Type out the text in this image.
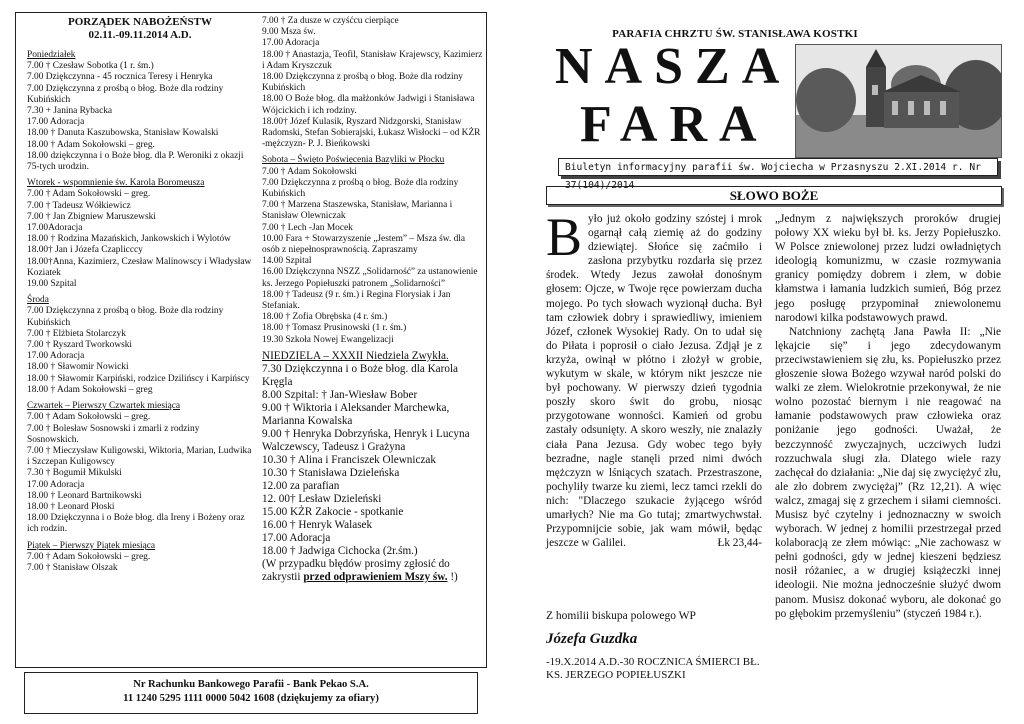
PORZĄDEK NABOŻEŃSTW
02.11.-09.11.2014 A.D.
Poniedziałek
7.00 † Czesław Sobotka (1 r. śm.)
7.00 Dziękczynna - 45 rocznica Teresy i Henryka
7.00 Dziękczynna z prośbą o błog. Boże dla rodziny Kubińskich
7.30 + Janina Rybacka
17.00 Adoracja
18.00 † Danuta Kaszubowska, Stanisław Kowalski
18.00 † Adam Sokołowski – greg.
18.00 dziękczynna i o Boże błog. dla P. Weroniki z okazji 75-tych urodzin.
Wtorek - wspomnienie św. Karola Boromeusza
7.00 † Adam Sokołowski – greg.
7.00 † Tadeusz Wółkiewicz
7.00 † Jan Zbigniew Maruszewski
17.00Adoracja
18.00 † Rodzina Mazańskich, Jankowskich i Wylotów
18.00† Jan i Józefa Czaplicccy
18.00†Anna, Kazimierz, Czesław Malinowscy i Władysław Koziatek
19.00 Szpital
Środa
7.00 Dziękczynna z prośbą o błog. Boże dla rodziny Kubińskich
7.00 † Elżbieta Stolarczyk
7.00 † Ryszard Tworkowski
17.00 Adoracja
18.00 † Sławomir Nowicki
18.00 † Sławomir Karpiński, rodzice Dzilińscy i Karpińscy
18.00 † Adam Sokołowski – greg
Czwartek – Pierwszy Czwartek miesiąca
7.00 † Adam Sokołowski – greg.
7.00 † Bolesław Sosnowski i zmarli z rodziny Sosnowskich.
7.00 † Mieczysław Kuligowski, Wiktoria, Marian, Ludwika i Szczepan Kuligowscy
7.30 † Bogumił Mikulski
17.00 Adoracja
18.00 † Leonard Bartnikowski
18.00 † Leonard Płoski
18.00 Dziękczynna i o Boże błog. dla Ireny i Bożeny oraz ich rodzin.
Piątek – Pierwszy Piątek miesiąca
7.00 † Adam Sokołowski – greg.
7.00 † Stanisław Olszak
7.00 † Za dusze w czyśćcu cierpiące
9.00 Msza św.
17.00 Adoracja
18.00 † Anastazja, Teofil, Stanisław Krajewscy, Kazimierz i Adam Kryszczuk
18.00 Dziękczynna z prośbą o błog. Boże dla rodziny Kubińskich
18.00 O Boże błog. dla małżonków Jadwigi i Stanisława Wójcickich i ich rodziny.
18.00† Józef Kulasik, Ryszard Nidzgorski, Stanisław Radomski, Stefan Sobierajski, Łukasz Wisłocki – od KŻR -mężczyzn- P. J. Bieńkowski
Sobota – Święto Poświęcenia Bazyliki w Płocku
7.00 † Adam Sokołowski
7.00 Dziękczynna z prośbą o błog. Boże dla rodziny Kubińskich
7.00 † Marzena Staszewska, Stanisław, Marianna i Stanisław Olewniczak
7.00 † Lech -Jan Mocek
10.00 Fara + Stowarzyszenie „Jestem” – Msza św. dla osób z niepełnosprawnością. Zapraszamy
14.00 Szpital
16.00 Dziękczynna NSZZ „Solidarność” za ustanowienie ks. Jerzego Popiełuszki patronem „Solidarności”
18.00 † Tadeusz (9 r. śm.) i Regina Florysiak i Jan Stefaniak.
18.00 † Zofia Obrębska (4 r. śm.)
18.00 † Tomasz Prusinowski (1 r. śm.)
19.30 Szkoła Nowej Ewangelizacji
NIEDZIELA – XXXII Niedziela Zwykła.
7.30 Dziękczynna i o Boże błog. dla Karola Kręgla
8.00 Szpital: † Jan-Wiesław Bober
9.00 † Wiktoria i Aleksander Marchewka, Marianna Kowalska
9.00 † Henryka Dobrzyńska, Henryk i Lucyna Walczewscy, Tadeusz i Grażyna
10.30 † Alina i Franciszek Olewniczak
10.30 † Stanisława Dzieleńska
12.00 za parafian
12. 00† Lesław Dzieleński
15.00 KŻR Zakocie - spotkanie
16.00 † Henryk Walasek
17.00 Adoracja
18.00 † Jadwiga Cichocka (2r.śm.)
(W przypadku błędów prosimy zgłosić do zakrystii przed odprawieniem Mszy św. !)
Nr Rachunku Bankowego Parafii - Bank Pekao S.A.
11 1240 5295 1111 0000 5042 1608 (dziękujemy za ofiary)
PARAFIA CHRZTU ŚW. STANISŁAWA KOSTKI
NASZA
FARA
Biuletyn informacyjny parafii św. Wojciecha w Przasnyszu 2.XI.2014 r. Nr 37(104)/2014
SŁOWO BOŻE
Było już około godziny szóstej i mrok ogarnął całą ziemię aż do godziny dziewiątej. Słońce się zaćmiło i zasłona przybytku rozdarła się przez środek. Wtedy Jezus zawołał donośnym głosem: Ojcze, w Twoje ręce powierzam ducha mojego. Po tych słowach wyzionął ducha. Był tam człowiek dobry i sprawiedliwy, imieniem Józef, członek Wysokiej Rady. On to udał się do Piłata i poprosił o ciało Jezusa. Zdjął je z krzyża, owinął w płótno i złożył w grobie, wykutym w skale, w którym nikt jeszcze nie był pochowany. W pierwszy dzień tygodnia poszły skoro świt do grobu, niosąc przygotowane wonności. Kamień od grobu zastały odsunięty. A skoro weszły, nie znalazły ciała Pana Jezusa. Gdy wobec tego były bezradne, nagle stanęli przed nimi dwóch mężczyzn w lśniących szatach. Przestraszone, pochyliły twarze ku ziemi, lecz tamci rzekli do nich: "Dlaczego szukacie żyjącego wśród umarłych? Nie ma Go tutaj; zmartwychwstał. Przypomnijcie sobie, jak wam mówił, będąc jeszcze w Galilei.	Łk 23,44-
Z homilii biskupa polowego WP
Józefa Guzdka
-19.X.2014 A.D.-30 ROCZNICA ŚMIERCI BŁ. KS. JERZEGO POPIEŁUSZKI
„Jednym z największych proroków drugiej połowy XX wieku był bł. ks. Jerzy Popiełuszko. W Polsce zniewolonej przez ludzi owładniętych ideologią komunizmu, w czasie rozmywania granicy pomiędzy dobrem i złem, w dobie kłamstwa i łamania ludzkich sumień, Bóg przez jego posługę przypominał zniewolonemu narodowi kilka podstawowych prawd.
Natchniony zachętą Jana Pawła II: „Nie lękajcie się” i jego zdecydowanym przeciwstawieniem się złu, ks. Popiełuszko przez głoszenie słowa Bożego wzywał naród polski do walki ze złem. Wielokrotnie przekonywał, że nie wolno pozostać biernym i nie reagować na łamanie podstawowych praw człowieka oraz poniżanie jego godności. Uważał, że bezczynność zwyczajnych, uczciwych ludzi rozzuchwala sługi zła. Dlatego wiele razy zachęcał do działania: „Nie daj się zwyciężyć złu, ale zło dobrem zwyciężaj” (Rz 12,21). A więc walcz, zmagaj się z grzechem i siłami ciemności. Musisz być czytelny i jednoznaczny w swoich wyborach. W jednej z homilii przestrzegał przed kolaboracją ze złem mówiąc: „Nie zachowasz w pełni godności, gdy w jednej kieszeni będziesz nosił różaniec, a w drugiej książeczki innej ideologii. Nie można jednocześnie służyć dwom panom. Musisz dokonać wyboru, ale dokonać go po głębokim przemyśleniu” (styczeń 1984 r.).
